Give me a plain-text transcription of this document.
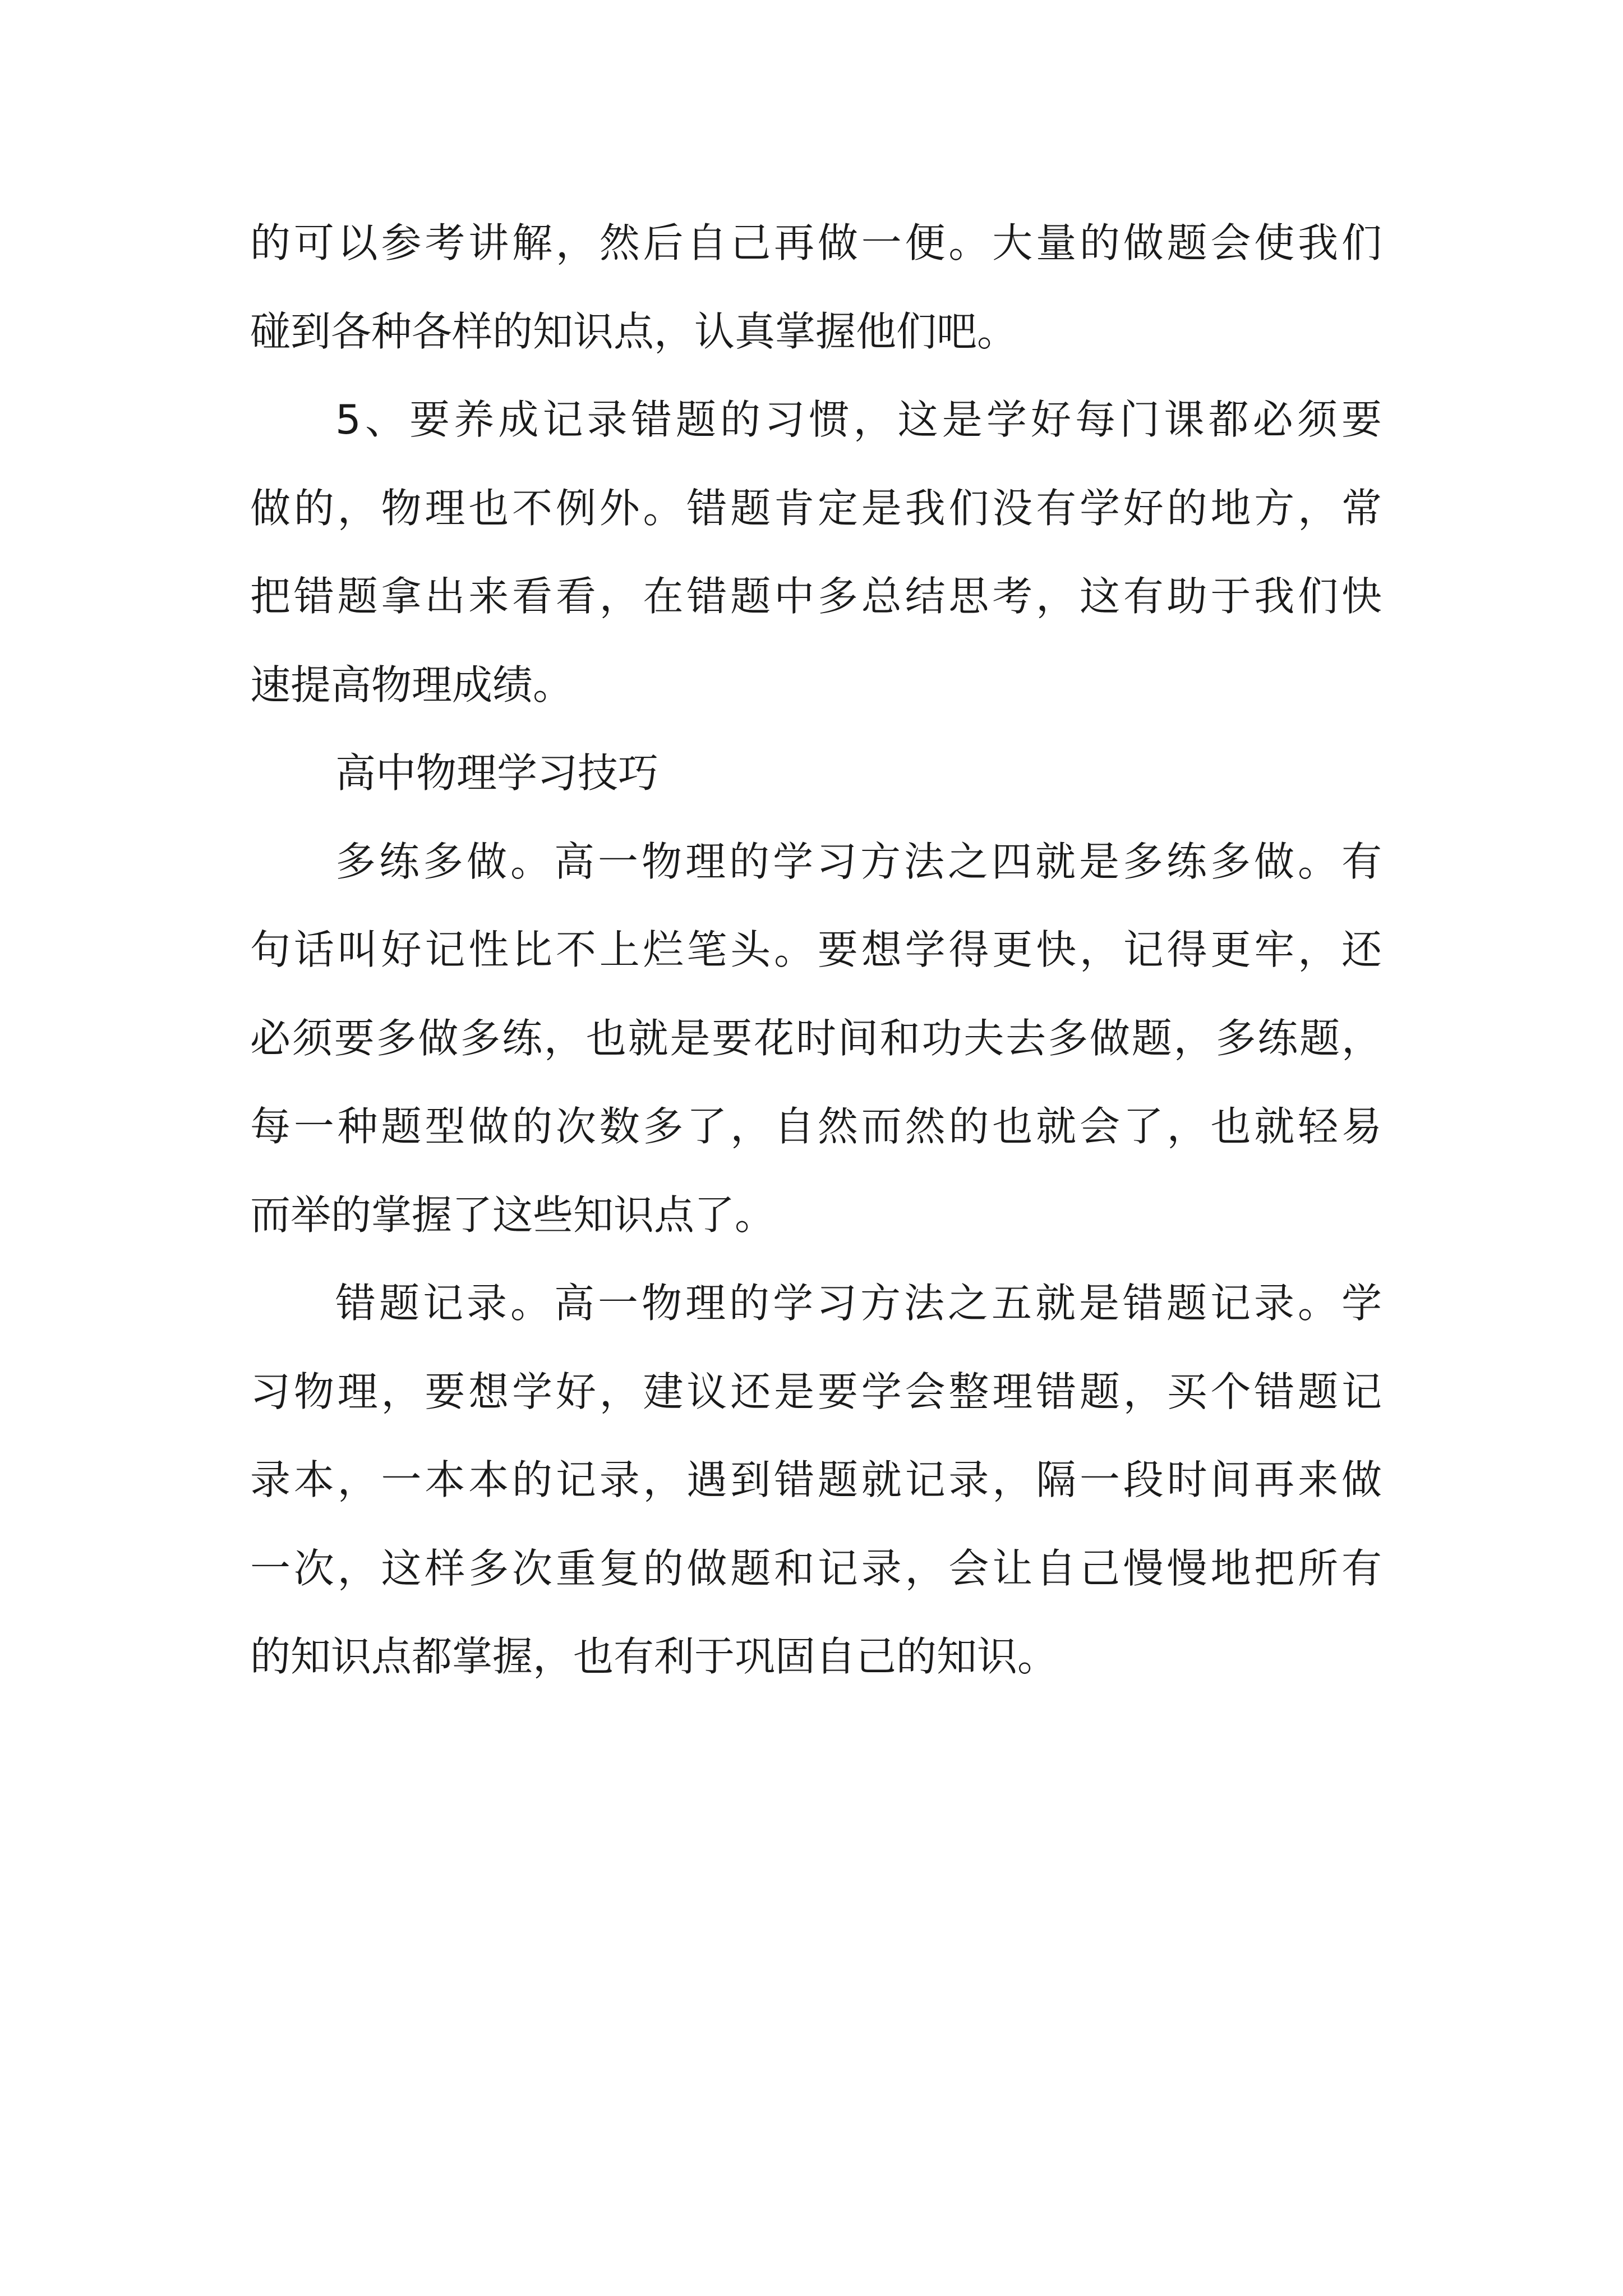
的可以参考讲解，然后自己再做一便。大量的做题会使我们
碰到各种各样的知识点，认真掌握他们吧。
5、要养成记录错题的习惯，这是学好每门课都必须要
做的，物理也不例外。错题肯定是我们没有学好的地方，常
把错题拿出来看看，在错题中多总结思考，这有助于我们快
速提高物理成绩。
高中物理学习技巧
多练多做。高一物理的学习方法之四就是多练多做。有
句话叫好记性比不上烂笔头。要想学得更快，记得更牢，还
必须要多做多练，也就是要花时间和功夫去多做题，多练题，
每一种题型做的次数多了，自然而然的也就会了，也就轻易
而举的掌握了这些知识点了。
错题记录。高一物理的学习方法之五就是错题记录。学
习物理，要想学好，建议还是要学会整理错题，买个错题记
录本，一本本的记录，遇到错题就记录，隔一段时间再来做
一次，这样多次重复的做题和记录，会让自己慢慢地把所有
的知识点都掌握，也有利于巩固自己的知识。
